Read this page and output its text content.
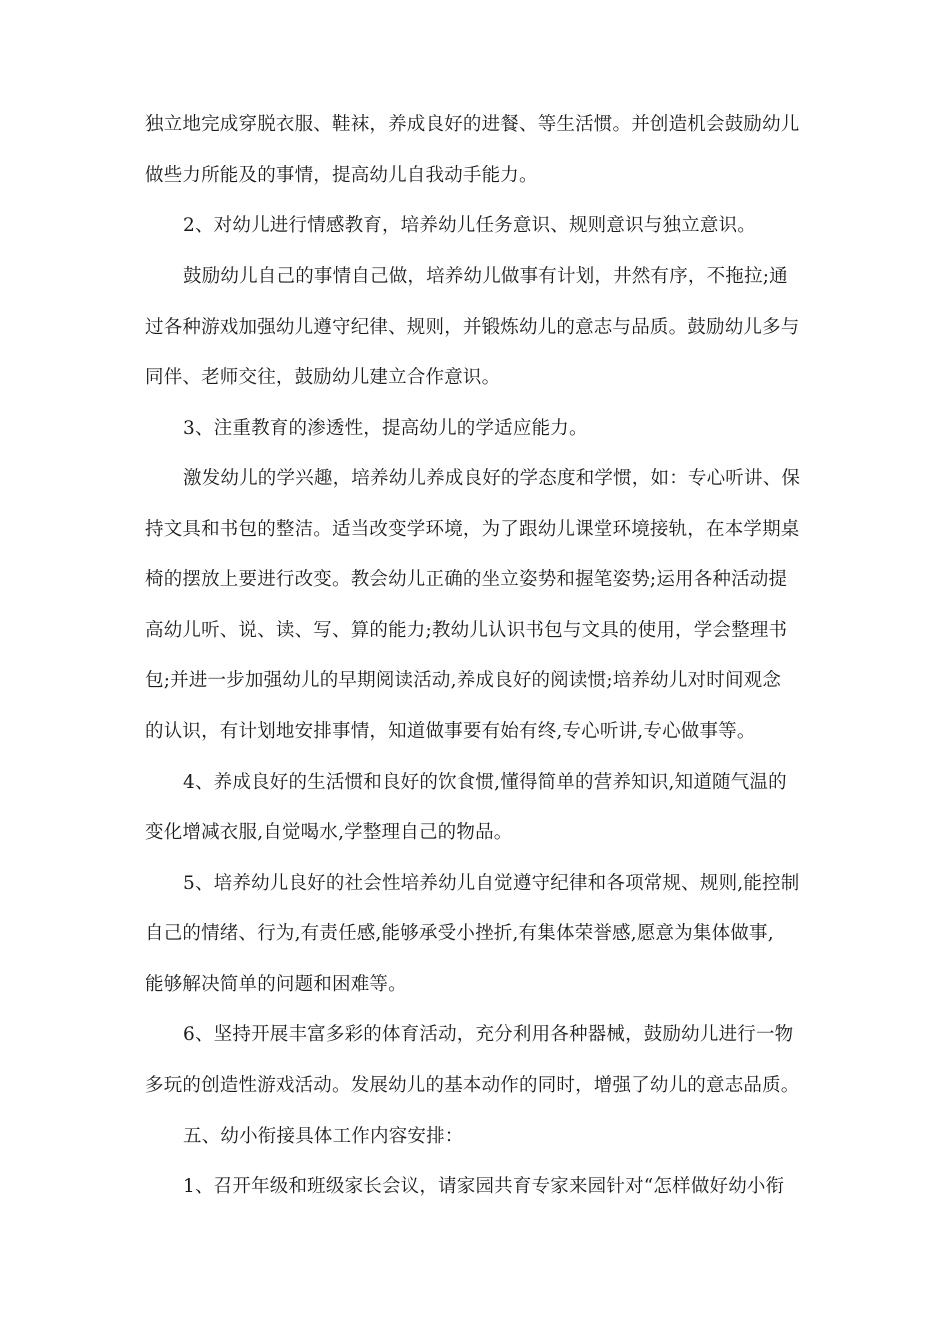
独立地完成穿脱衣服、鞋袜，养成良好的进餐、等生活惯。并创造机会鼓励幼儿
做些力所能及的事情，提高幼儿自我动手能力。
2、对幼儿进行情感教育，培养幼儿任务意识、规则意识与独立意识。
鼓励幼儿自己的事情自己做，培养幼儿做事有计划，井然有序，不拖拉;通
过各种游戏加强幼儿遵守纪律、规则，并锻炼幼儿的意志与品质。鼓励幼儿多与
同伴、老师交往，鼓励幼儿建立合作意识。
3、注重教育的渗透性，提高幼儿的学适应能力。
激发幼儿的学兴趣，培养幼儿养成良好的学态度和学惯，如：专心听讲、保
持文具和书包的整洁。适当改变学环境，为了跟幼儿课堂环境接轨，在本学期桌
椅的摆放上要进行改变。教会幼儿正确的坐立姿势和握笔姿势;运用各种活动提
高幼儿听、说、读、写、算的能力;教幼儿认识书包与文具的使用，学会整理书
包;并进一步加强幼儿的早期阅读活动,养成良好的阅读惯;培养幼儿对时间观念
的认识，有计划地安排事情，知道做事要有始有终,专心听讲,专心做事等。
4、养成良好的生活惯和良好的饮食惯,懂得简单的营养知识,知道随气温的
变化增减衣服,自觉喝水,学整理自己的物品。
5、培养幼儿良好的社会性培养幼儿自觉遵守纪律和各项常规、规则,能控制
自己的情绪、行为,有责任感,能够承受小挫折,有集体荣誉感,愿意为集体做事,
能够解决简单的问题和困难等。
6、坚持开展丰富多彩的体育活动，充分利用各种器械，鼓励幼儿进行一物
多玩的创造性游戏活动。发展幼儿的基本动作的同时，增强了幼儿的意志品质。
五、幼小衔接具体工作内容安排：
1、召开年级和班级家长会议，请家园共育专家来园针对“怎样做好幼小衔
